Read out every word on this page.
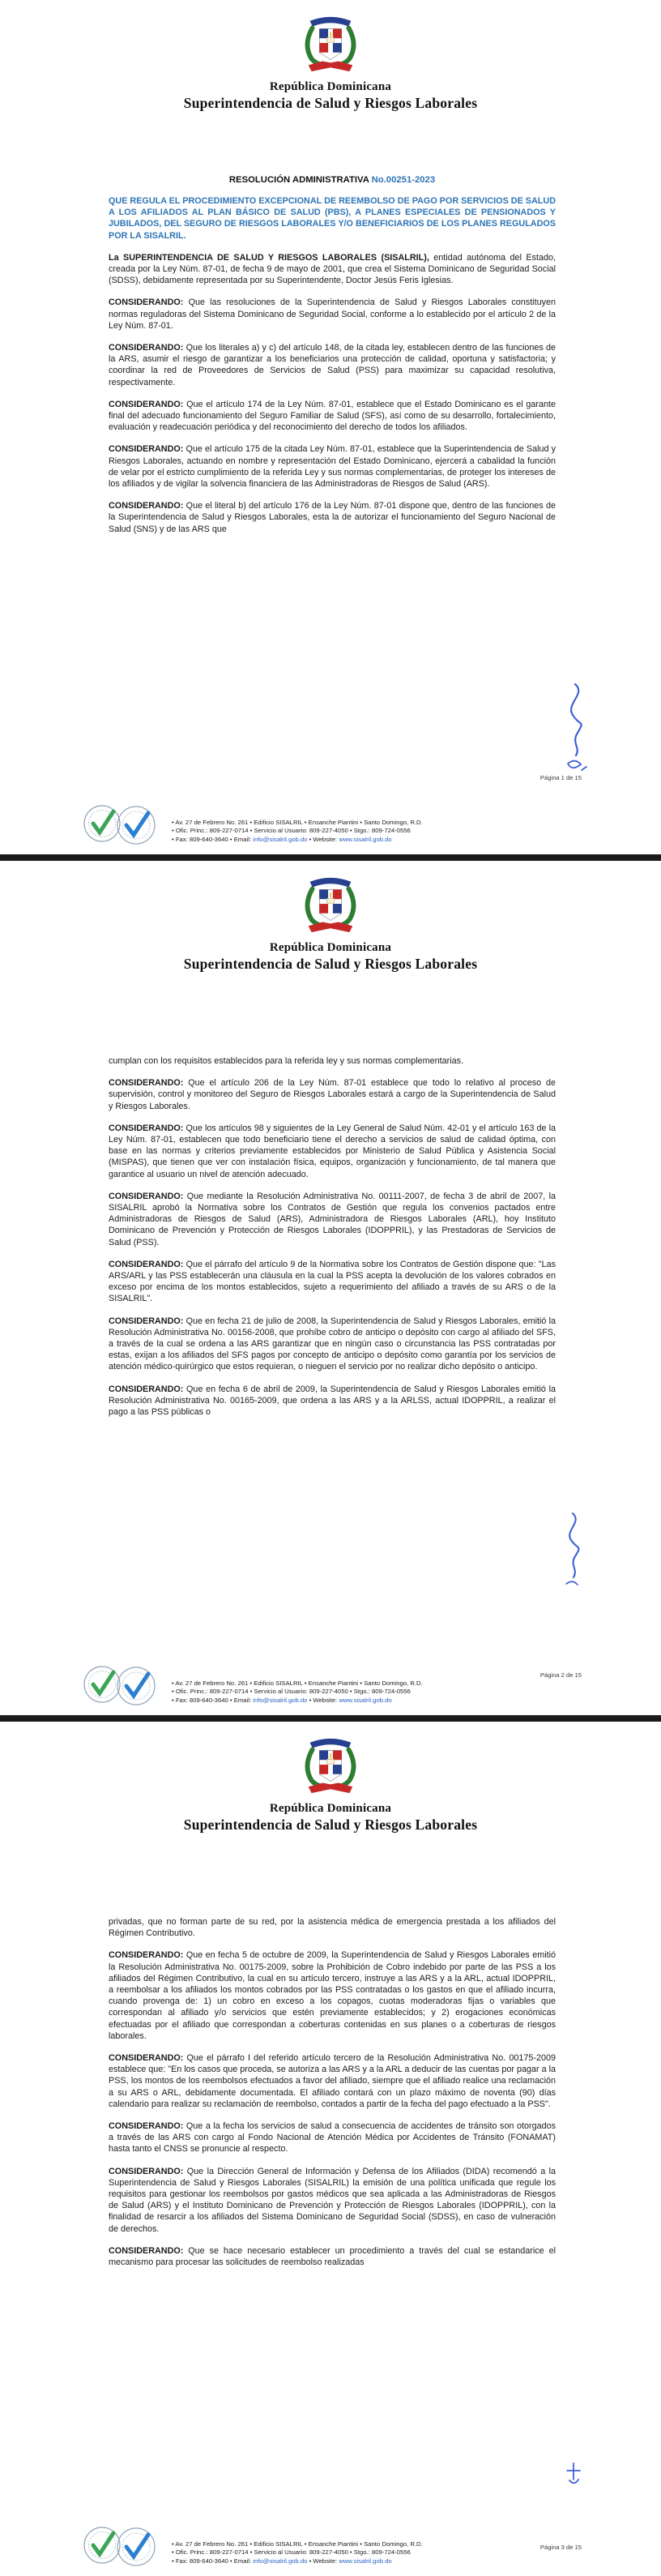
República Dominicana
Superintendencia de Salud y Riesgos Laborales
RESOLUCIÓN ADMINISTRATIVA No.00251-2023

QUE REGULA EL PROCEDIMIENTO EXCEPCIONAL DE REEMBOLSO DE PAGO POR SERVICIOS DE SALUD A LOS AFILIADOS AL PLAN BÁSICO DE SALUD (PBS), A PLANES ESPECIALES DE PENSIONADOS Y JUBILADOS, DEL SEGURO DE RIESGOS LABORALES Y/O BENEFICIARIOS DE LOS PLANES REGULADOS POR LA SISALRIL.

La SUPERINTENDENCIA DE SALUD Y RIESGOS LABORALES (SISALRIL), entidad autónoma del Estado, creada por la Ley Núm. 87-01, de fecha 9 de mayo de 2001, que crea el Sistema Dominicano de Seguridad Social (SDSS), debidamente representada por su Superintendente, Doctor Jesús Feris Iglesias.

CONSIDERANDO: Que las resoluciones de la Superintendencia de Salud y Riesgos Laborales constituyen normas reguladoras del Sistema Dominicano de Seguridad Social, conforme a lo establecido por el artículo 2 de la Ley Núm. 87-01.

CONSIDERANDO: Que los literales a) y c) del artículo 148, de la citada ley, establecen dentro de las funciones de la ARS, asumir el riesgo de garantizar a los beneficiarios una protección de calidad, oportuna y satisfactoria; y coordinar la red de Proveedores de Servicios de Salud (PSS) para maximizar su capacidad resolutiva, respectivamente.

CONSIDERANDO: Que el artículo 174 de la Ley Núm. 87-01, establece que el Estado Dominicano es el garante final del adecuado funcionamiento del Seguro Familiar de Salud (SFS), así como de su desarrollo, fortalecimiento, evaluación y readecuación periódica y del reconocimiento del derecho de todos los afiliados.

CONSIDERANDO: Que el artículo 175 de la citada Ley Núm. 87-01, establece que la Superintendencia de Salud y Riesgos Laborales, actuando en nombre y representación del Estado Dominicano, ejercerá a cabalidad la función de velar por el estricto cumplimiento de la referida Ley y sus normas complementarias, de proteger los intereses de los afiliados y de vigilar la solvencia financiera de las Administradoras de Riesgos de Salud (ARS).

CONSIDERANDO: Que el literal b) del artículo 176 de la Ley Núm. 87-01 dispone que, dentro de las funciones de la Superintendencia de Salud y Riesgos Laborales, esta la de autorizar el funcionamiento del Seguro Nacional de Salud (SNS) y de las ARS que

Página 1 de 15
• Av. 27 de Febrero No. 261 • Edificio SISALRIL • Ensanche Piantini • Santo Domingo, R.D.
• Ofic. Princ.: 809-227-0714 • Servicio al Usuario: 809-227-4050 • Stgo.: 809-724-0556
• Fax: 809-640-3640 • Email: info@sisalril.gob.do • Website: www.sisalril.gob.do
República Dominicana
Superintendencia de Salud y Riesgos Laborales

cumplan con los requisitos establecidos para la referida ley y sus normas complementarias.

CONSIDERANDO: Que el artículo 206 de la Ley Núm. 87-01 establece que todo lo relativo al proceso de supervisión, control y monitoreo del Seguro de Riesgos Laborales estará a cargo de la Superintendencia de Salud y Riesgos Laborales.

CONSIDERANDO: Que los artículos 98 y siguientes de la Ley General de Salud Núm. 42-01 y el artículo 163 de la Ley Núm. 87-01, establecen que todo beneficiario tiene el derecho a servicios de salud de calidad óptima, con base en las normas y criterios previamente establecidos por Ministerio de Salud Pública y Asistencia Social (MISPAS), que tienen que ver con instalación física, equipos, organización y funcionamiento, de tal manera que garantice al usuario un nivel de atención adecuado.

CONSIDERANDO: Que mediante la Resolución Administrativa No. 00111-2007, de fecha 3 de abril de 2007, la SISALRIL aprobó la Normativa sobre los Contratos de Gestión que regula los convenios pactados entre Administradoras de Riesgos de Salud (ARS), Administradora de Riesgos Laborales (ARL), hoy Instituto Dominicano de Prevención y Protección de Riesgos Laborales (IDOPPRIL), y las Prestadoras de Servicios de Salud (PSS).

CONSIDERANDO: Que el párrafo del artículo 9 de la Normativa sobre los Contratos de Gestión dispone que: "Las ARS/ARL y las PSS establecerán una cláusula en la cual la PSS acepta la devolución de los valores cobrados en exceso por encima de los montos establecidos, sujeto a requerimiento del afiliado a través de su ARS o de la SISALRIL".

CONSIDERANDO: Que en fecha 21 de julio de 2008, la Superintendencia de Salud y Riesgos Laborales, emitió la Resolución Administrativa No. 00156-2008, que prohíbe cobro de anticipo o depósito con cargo al afiliado del SFS, a través de la cual se ordena a las ARS garantizar que en ningún caso o circunstancia las PSS contratadas por estas, exijan a los afiliados del SFS pagos por concepto de anticipo o depósito como garantía por los servicios de atención médico-quirúrgico que estos requieran, o nieguen el servicio por no realizar dicho depósito o anticipo.

CONSIDERANDO: Que en fecha 6 de abril de 2009, la Superintendencia de Salud y Riesgos Laborales emitió la Resolución Administrativa No. 00165-2009, que ordena a las ARS y a la ARLSS, actual IDOPPRIL, a realizar el pago a las PSS públicas o

Página 2 de 15
• Av. 27 de Febrero No. 261 • Edificio SISALRIL • Ensanche Piantini • Santo Domingo, R.D.
• Ofic. Princ.: 809-227-0714 • Servicio al Usuario: 809-227-4050 • Stgo.: 809-724-0556
• Fax: 809-640-3640 • Email: info@sisalril.gob.do • Website: www.sisalril.gob.do
República Dominicana
Superintendencia de Salud y Riesgos Laborales

privadas, que no forman parte de su red, por la asistencia médica de emergencia prestada a los afiliados del Régimen Contributivo.

CONSIDERANDO: Que en fecha 5 de octubre de 2009, la Superintendencia de Salud y Riesgos Laborales emitió la Resolución Administrativa No. 00175-2009, sobre la Prohibición de Cobro indebido por parte de las PSS a los afiliados del Régimen Contributivo, la cual en su artículo tercero, instruye a las ARS y a la ARL, actual IDOPPRIL, a reembolsar a los afiliados los montos cobrados por las PSS contratadas o los gastos en que el afiliado incurra, cuando provenga de: 1) un cobro en exceso a los copagos, cuotas moderadoras fijas o variables que correspondan al afiliado y/o servicios que estén previamente establecidos; y 2) erogaciones económicas efectuadas por el afiliado que correspondan a coberturas contenidas en sus planes o a coberturas de riesgos laborales.

CONSIDERANDO: Que el párrafo I del referido artículo tercero de la Resolución Administrativa No. 00175-2009 establece que: "En los casos que proceda, se autoriza a las ARS y a la ARL a deducir de las cuentas por pagar a la PSS, los montos de los reembolsos efectuados a favor del afiliado, siempre que el afiliado realice una reclamación a su ARS o ARL, debidamente documentada. El afiliado contará con un plazo máximo de noventa (90) días calendario para realizar su reclamación de reembolso, contados a partir de la fecha del pago efectuado a la PSS".

CONSIDERANDO: Que a la fecha los servicios de salud a consecuencia de accidentes de tránsito son otorgados a través de las ARS con cargo al Fondo Nacional de Atención Médica por Accidentes de Tránsito (FONAMAT) hasta tanto el CNSS se pronuncie al respecto.

CONSIDERANDO: Que la Dirección General de Información y Defensa de los Afiliados (DIDA) recomendó a la Superintendencia de Salud y Riesgos Laborales (SISALRIL) la emisión de una política unificada que regule los requisitos para gestionar los reembolsos por gastos médicos que sea aplicada a las Administradoras de Riesgos de Salud (ARS) y el Instituto Dominicano de Prevención y Protección de Riesgos Laborales (IDOPPRIL), con la finalidad de resarcir a los afiliados del Sistema Dominicano de Seguridad Social (SDSS), en caso de vulneración de derechos.

CONSIDERANDO: Que se hace necesario establecer un procedimiento a través del cual se estandarice el mecanismo para procesar las solicitudes de reembolso realizadas

Página 3 de 15
• Av. 27 de Febrero No. 261 • Edificio SISALRIL • Ensanche Piantini • Santo Domingo, R.D.
• Ofic. Princ.: 809-227-0714 • Servicio al Usuario: 809-227-4050 • Stgo.: 809-724-0556
• Fax: 809-640-3640 • Email: info@sisalril.gob.do • Website: www.sisalril.gob.do
